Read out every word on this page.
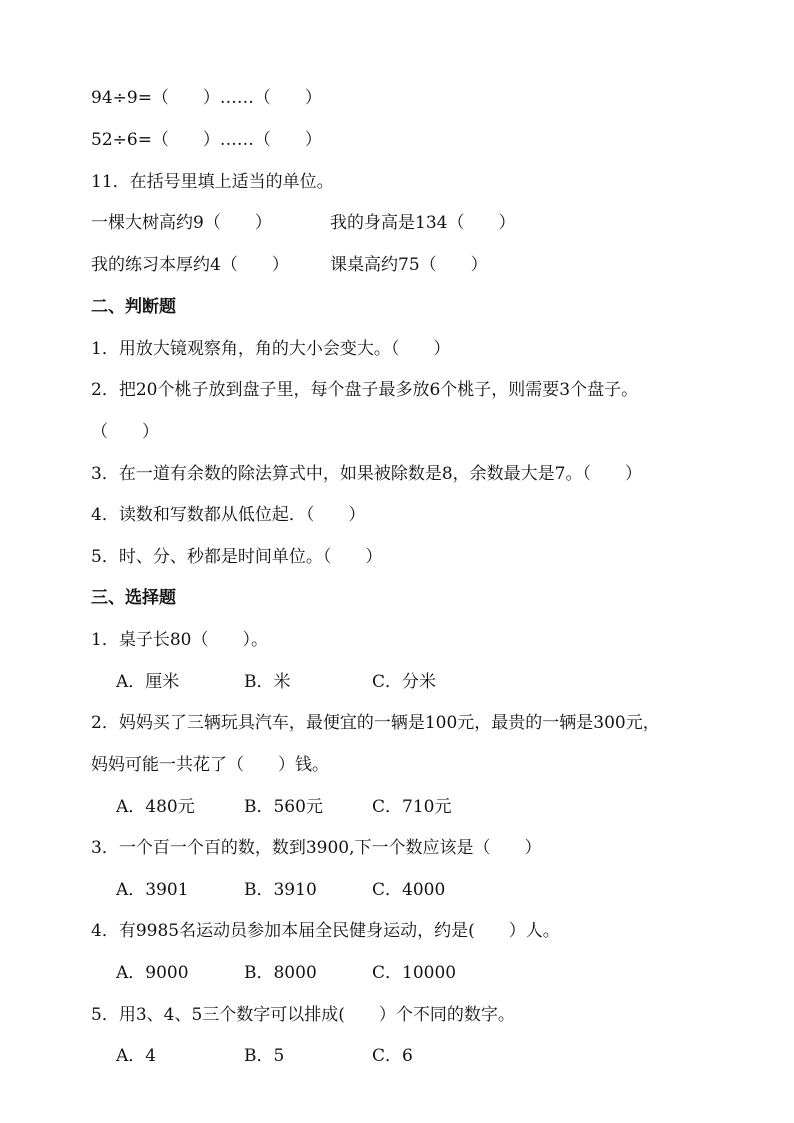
94÷9=（　　）……（　　）
52÷6=（　　）……（　　）
11．在括号里填上适当的单位。
一棵大树高约9（　　）	我的身高是134（　　）
我的练习本厚约4（　　）	课桌高约75（　　）
二、判断题
1．用放大镜观察角，角的大小会变大。（　　）
2．把20个桃子放到盘子里，每个盘子最多放6个桃子，则需要3个盘子。
（　　）
3．在一道有余数的除法算式中，如果被除数是8，余数最大是7。（　　）
4．读数和写数都从低位起．（　　）
5．时、分、秒都是时间单位。（　　）
三、选择题
1．桌子长80（　　）。
A．厘米	B．米	C．分米
2．妈妈买了三辆玩具汽车，最便宜的一辆是100元，最贵的一辆是300元，
妈妈可能一共花了（　　）钱。
A．480元	B．560元	C．710元
3．一个百一个百的数，数到3900,下一个数应该是（　　）
A．3901	B．3910	C．4000
4．有9985名运动员参加本届全民健身运动，约是(　　）人。
A．9000	B．8000	C．10000
5．用3、4、5三个数字可以排成(　　）个不同的数字。
A．4	B．5	C．6
